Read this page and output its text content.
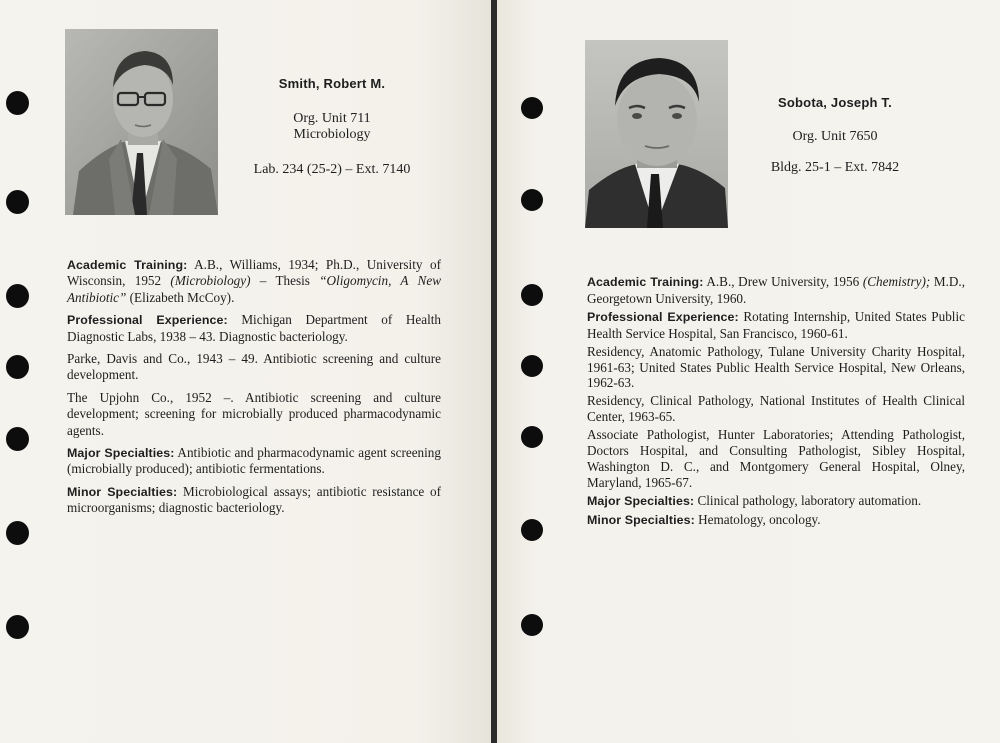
Smith, Robert M.
Org. Unit 711
Microbiology
Lab. 234 (25-2) – Ext. 7140

Academic Training: A.B., Williams, 1934; Ph.D., University of Wisconsin, 1952 (Microbiology) – Thesis “Oligomycin, A New Antibiotic” (Elizabeth McCoy).

Professional Experience: Michigan Department of Health Diagnostic Labs, 1938 – 43. Diagnostic bacteriology.

Parke, Davis and Co., 1943 – 49. Antibiotic screening and culture development.

The Upjohn Co., 1952 –. Antibiotic screening and culture development; screening for microbially produced pharmacodynamic agents.

Major Specialties: Antibiotic and pharmacodynamic agent screening (microbially produced); antibiotic fermentations.

Minor Specialties: Microbiological assays; antibiotic resistance of microorganisms; diagnostic bacteriology.

Sobota, Joseph T.
Org. Unit 7650
Bldg. 25-1 – Ext. 7842

Academic Training: A.B., Drew University, 1956 (Chemistry); M.D., Georgetown University, 1960.

Professional Experience: Rotating Internship, United States Public Health Service Hospital, San Francisco, 1960-61.

Residency, Anatomic Pathology, Tulane University Charity Hospital, 1961-63; United States Public Health Service Hospital, New Orleans, 1962-63.

Residency, Clinical Pathology, National Institutes of Health Clinical Center, 1963-65.

Associate Pathologist, Hunter Laboratories; Attending Pathologist, Doctors Hospital, and Consulting Pathologist, Sibley Hospital, Washington D. C., and Montgomery General Hospital, Olney, Maryland, 1965-67.

Major Specialties: Clinical pathology, laboratory automation.

Minor Specialties: Hematology, oncology.
